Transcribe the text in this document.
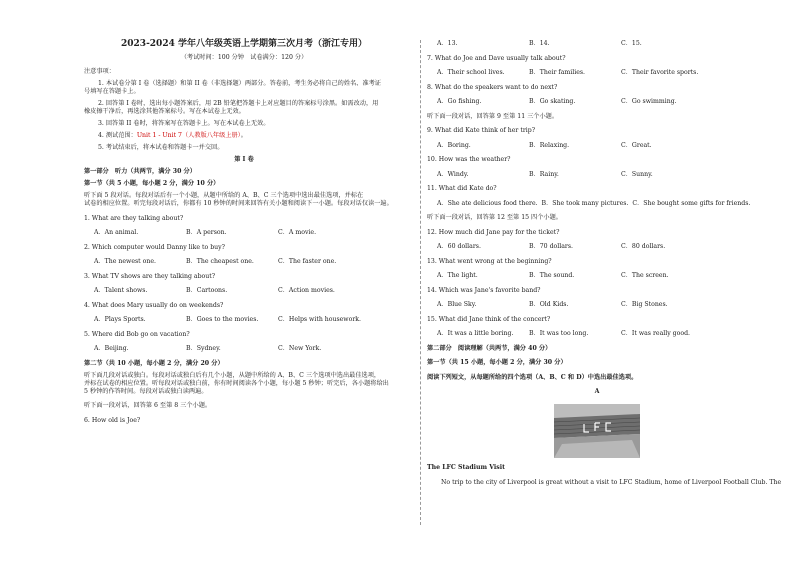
2023-2024 学年八年级英语上学期第三次月考（浙江专用）
（考试时间：100 分钟　试卷满分：120 分）

注意事项：

1. 本试卷分第 I 卷（选择题）和第 II 卷（非选择题）两部分。答卷前，考生务必将自己的姓名、准考证

号填写在答题卡上。

2. 回答第 I 卷时，选出每小题答案后，用 2B 铅笔把答题卡上对应题目的答案标号涂黑。如需改动，用

橡皮擦干净后，再选涂其他答案标号。写在本试卷上无效。

3. 回答第 II 卷时，将答案写在答题卡上。写在本试卷上无效。

4. 测试范围：Unit 1 - Unit 7（人教版八年级上册）。

5. 考试结束后，将本试卷和答题卡一并交回。

第 I 卷

第一部分　听力（共两节，满分 30 分）

第一节（共 5 小题，每小题 2 分，满分 10 分）

听下面 5 段对话。每段对话后有一个小题，从题中所给的 A、B、C 三个选项中选出最佳选项，并标在

试卷的相应位置。听完每段对话后，你都有 10 秒钟的时间来回答有关小题和阅读下一小题。每段对话仅读一遍。

1. What are they talking about?

A．An animal.	B．A person.	C．A movie.

2. Which computer would Danny like to buy?

A．The newest one.	B．The cheapest one.	C．The faster one.

3. What TV shows are they talking about?

A．Talent shows.	B．Cartoons.	C．Action movies.

4. What does Mary usually do on weekends?

A．Plays Sports.	B．Goes to the movies.	C．Helps with housework.

5. Where did Bob go on vacation?

A．Beijing.	B．Sydney.	C．New York.

第二节（共 10 小题，每小题 2 分，满分 20 分）

听下面几段对话或独白。每段对话或独白后有几个小题，从题中所给的 A、B、C 三个选项中选出最佳选项，

并标在试卷的相应位置。听每段对话或独白前，你有时间阅读各个小题，每小题 5 秒钟；听完后，各小题将给出

5 秒钟的作答时间。每段对话或独白读两遍。

听下面一段对话，回答第 6 至第 8 三个小题。

6. How old is Joe?

A．13.	B．14.	C．15.

7. What do Joe and Dave usually talk about?

A．Their school lives.	B．Their families.	C．Their favorite sports.

8. What do the speakers want to do next?

A．Go fishing.	B．Go skating.	C．Go swimming.

听下面一段对话，回答第 9 至第 11 三个小题。

9. What did Kate think of her trip?

A．Boring.	B．Relaxing.	C．Great.

10. How was the weather?

A．Windy.	B．Rainy.	C．Sunny.

11. What did Kate do?

A．She ate delicious food there. B．She took many pictures. C．She bought some gifts for friends.

听下面一段对话，回答第 12 至第 15 四个小题。

12. How much did Jane pay for the ticket?

A．60 dollars.	B．70 dollars.	C．80 dollars.

13. What went wrong at the beginning?

A．The light.	B．The sound.	C．The screen.

14. Which was Jane's favorite band?

A．Blue Sky.	B．Old Kids.	C．Big Stones.

15. What did Jane think of the concert?

A．It was a little boring.	B．It was too long.	C．It was really good.

第二部分　阅读理解（共两节，满分 40 分）

第一节（共 15 小题，每小题 2 分，满分 30 分）

阅读下列短文，从每题所给的四个选项（A、B、C 和 D）中选出最佳选项。

A

The LFC Stadium Visit

No trip to the city of Liverpool is great without a visit to LFC Stadium, home of Liverpool Football Club. The
